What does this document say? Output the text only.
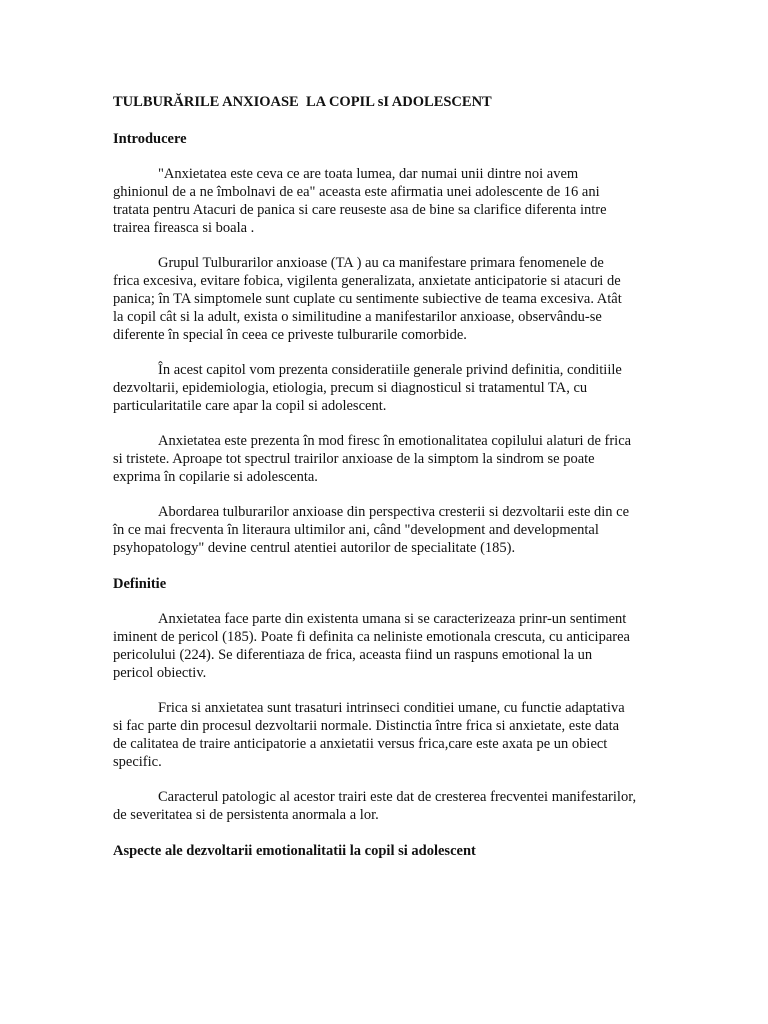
TULBURĂRILE ANXIOASE  LA COPIL sI ADOLESCENT
Introducere

"Anxietatea este ceva ce are toata lumea, dar numai unii dintre noi avem
ghinionul de a ne îmbolnavi de ea" aceasta este afirmatia unei adolescente de 16 ani
tratata pentru Atacuri de panica si care reuseste asa de bine sa clarifice diferenta intre
trairea fireasca si boala .

Grupul Tulburarilor anxioase (TA ) au ca manifestare primara fenomenele de
frica excesiva, evitare fobica, vigilenta generalizata, anxietate anticipatorie si atacuri de
panica; în TA simptomele sunt cuplate cu sentimente subiective de teama excesiva. Atât
la copil cât si la adult, exista o similitudine a manifestarilor anxioase, observându-se
diferente în special în ceea ce priveste tulburarile comorbide.

În acest capitol vom prezenta consideratiile generale privind definitia, conditiile
dezvoltarii, epidemiologia, etiologia, precum si diagnosticul si tratamentul TA, cu
particularitatile care apar la copil si adolescent.

Anxietatea este prezenta în mod firesc în emotionalitatea copilului alaturi de frica
si tristete. Aproape tot spectrul trairilor anxioase de la simptom la sindrom se poate
exprima în copilarie si adolescenta.

Abordarea tulburarilor anxioase din perspectiva cresterii si dezvoltarii este din ce
în ce mai frecventa în literaura ultimilor ani, când "development and developmental
psyhopatology" devine centrul atentiei autorilor de specialitate (185).

Definitie

Anxietatea face parte din existenta umana si se caracterizeaza prinr-un sentiment
iminent de pericol (185). Poate fi definita ca neliniste emotionala crescuta, cu anticiparea
pericolului (224). Se diferentiaza de frica, aceasta fiind un raspuns emotional la un
pericol obiectiv.

Frica si anxietatea sunt trasaturi intrinseci conditiei umane, cu functie adaptativa
si fac parte din procesul dezvoltarii normale. Distinctia între frica si anxietate, este data
de calitatea de traire anticipatorie a anxietatii versus frica,care este axata pe un obiect
specific.

Caracterul patologic al acestor trairi este dat de cresterea frecventei manifestarilor,
de severitatea si de persistenta anormala a lor.

Aspecte ale dezvoltarii emotionalitatii la copil si adolescent
